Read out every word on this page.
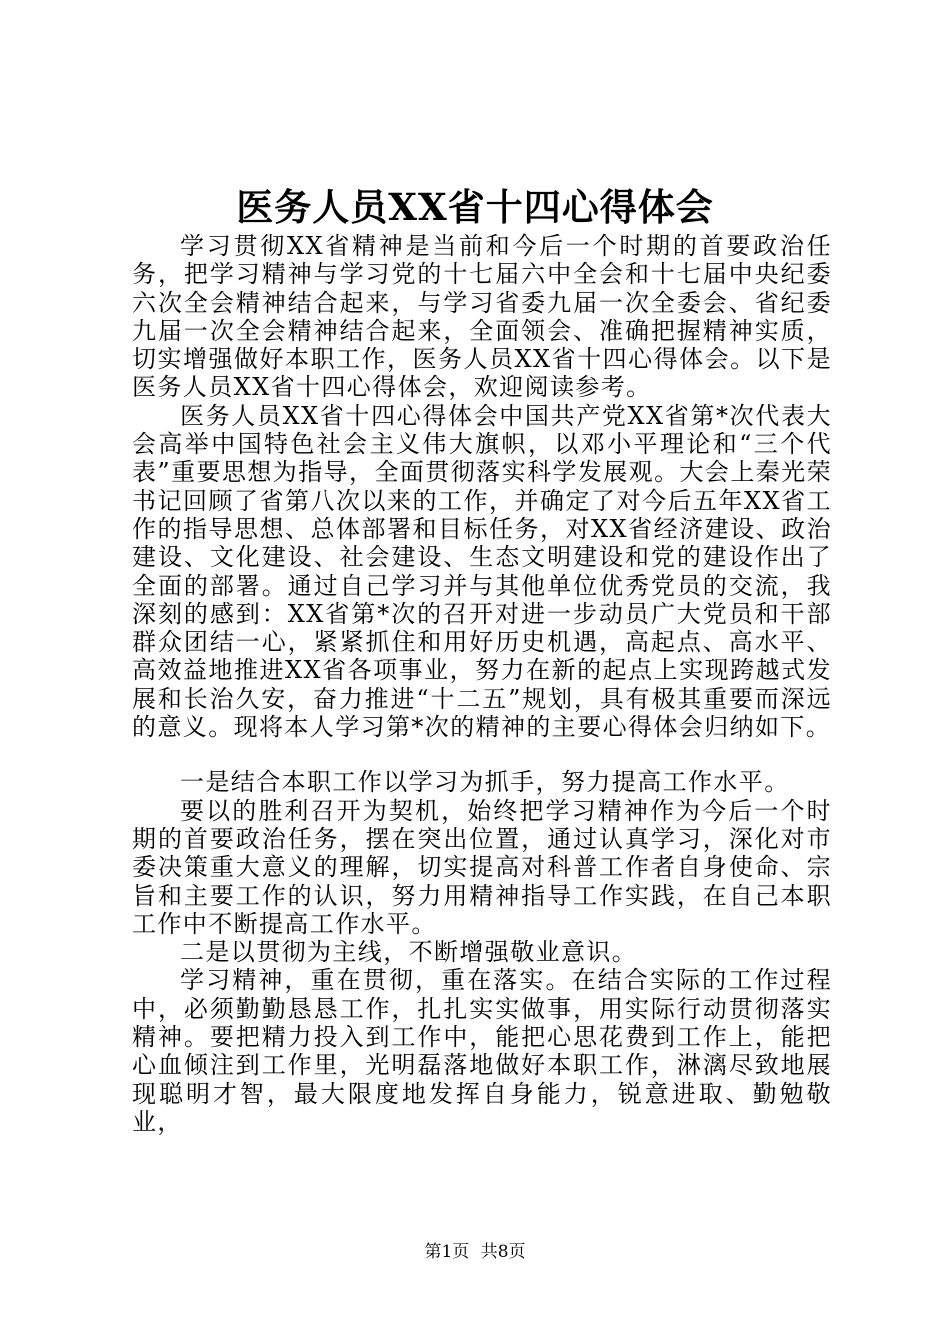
医务人员XX省十四心得体会

学习贯彻XX省精神是当前和今后一个时期的首要政治任务，把学习精神与学习党的十七届六中全会和十七届中央纪委六次全会精神结合起来，与学习省委九届一次全委会、省纪委九届一次全会精神结合起来，全面领会、准确把握精神实质，切实增强做好本职工作，医务人员XX省十四心得体会。以下是医务人员XX省十四心得体会，欢迎阅读参考。

医务人员XX省十四心得体会中国共产党XX省第*次代表大会高举中国特色社会主义伟大旗帜，以邓小平理论和“三个代表”重要思想为指导，全面贯彻落实科学发展观。大会上秦光荣书记回顾了省第八次以来的工作，并确定了对今后五年XX省工作的指导思想、总体部署和目标任务，对XX省经济建设、政治建设、文化建设、社会建设、生态文明建设和党的建设作出了全面的部署。通过自己学习并与其他单位优秀党员的交流，我深刻的感到：XX省第*次的召开对进一步动员广大党员和干部群众团结一心，紧紧抓住和用好历史机遇，高起点、高水平、高效益地推进XX省各项事业，努力在新的起点上实现跨越式发展和长治久安，奋力推进“十二五”规划，具有极其重要而深远的意义。现将本人学习第*次的精神的主要心得体会归纳如下。

一是结合本职工作以学习为抓手，努力提高工作水平。

要以的胜利召开为契机，始终把学习精神作为今后一个时期的首要政治任务，摆在突出位置，通过认真学习，深化对市委决策重大意义的理解，切实提高对科普工作者自身使命、宗旨和主要工作的认识，努力用精神指导工作实践，在自己本职工作中不断提高工作水平。

二是以贯彻为主线，不断增强敬业意识。

学习精神，重在贯彻，重在落实。在结合实际的工作过程中，必须勤勤恳恳工作，扎扎实实做事，用实际行动贯彻落实精神。要把精力投入到工作中，能把心思花费到工作上，能把心血倾注到工作里，光明磊落地做好本职工作，淋漓尽致地展现聪明才智，最大限度地发挥自身能力，锐意进取、勤勉敬业，

第1页 共8页
